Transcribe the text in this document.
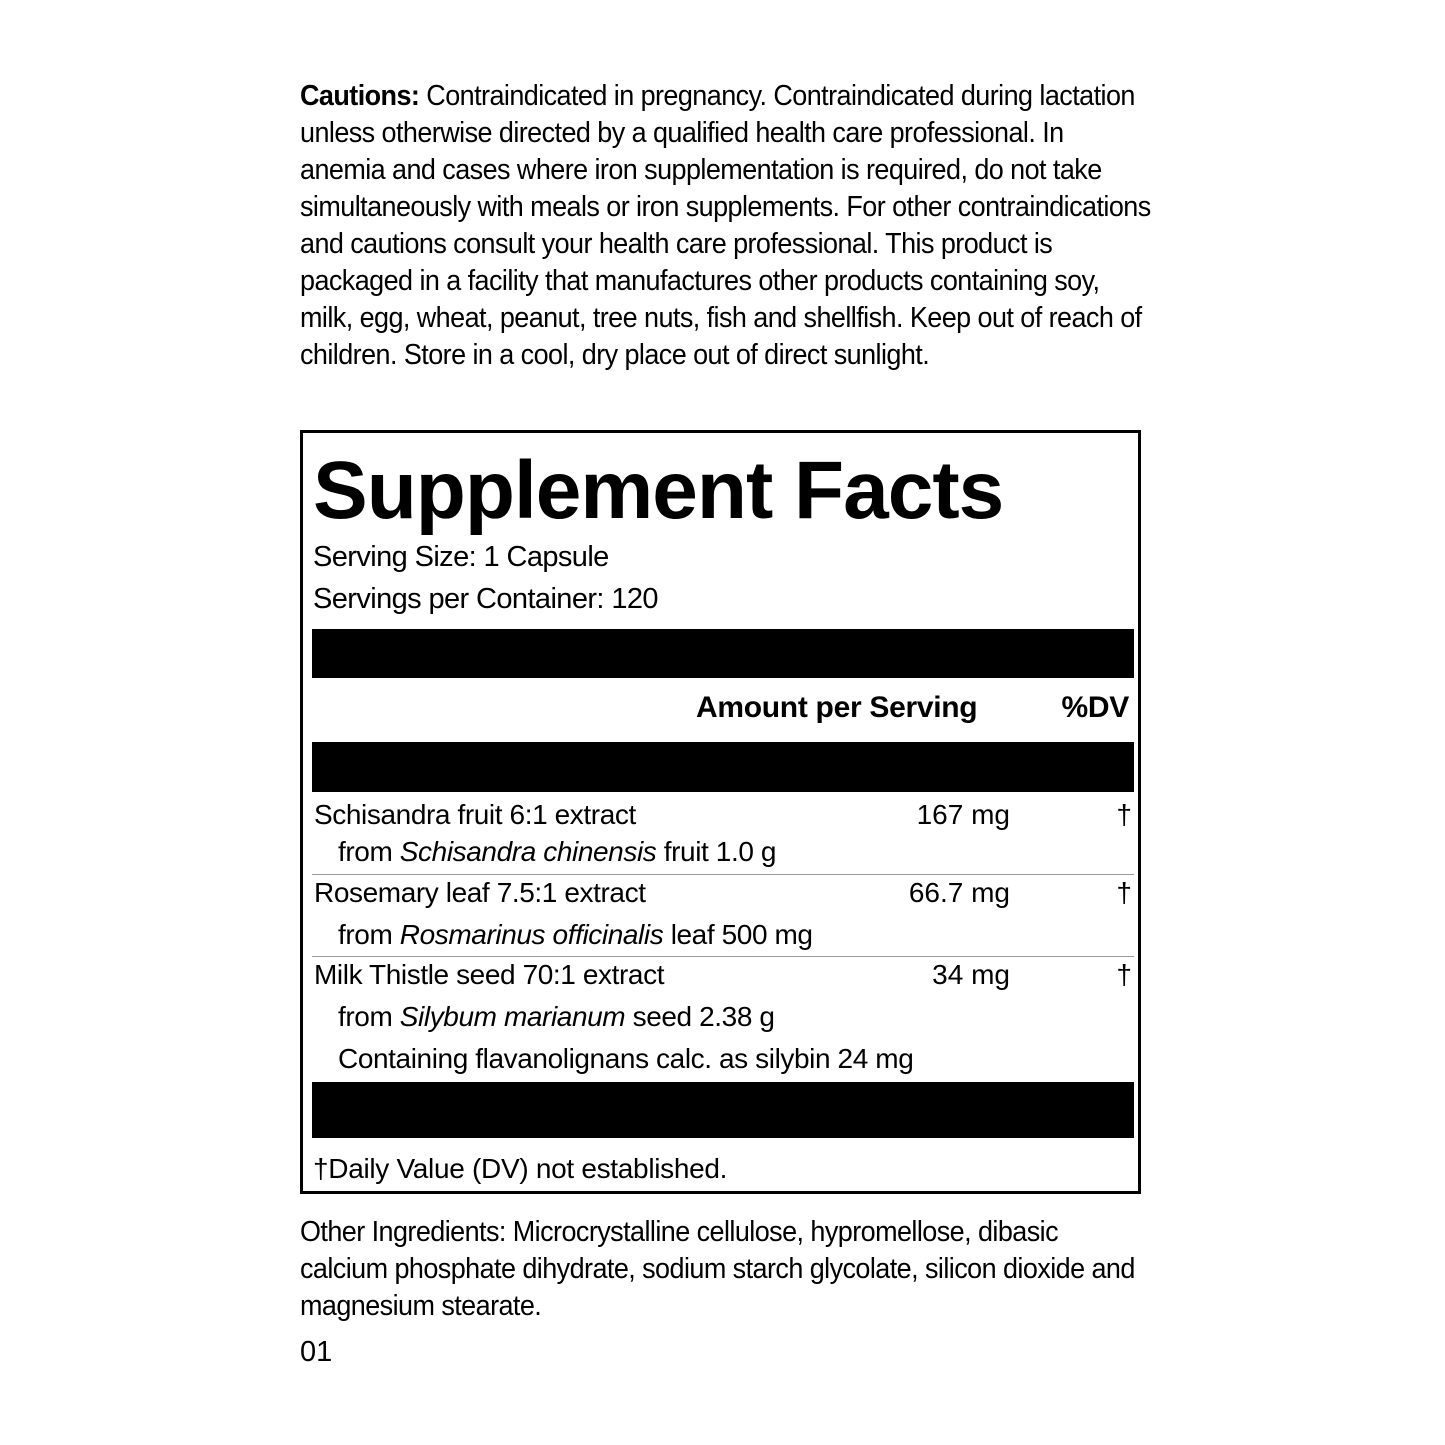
Cautions: Contraindicated in pregnancy. Contraindicated during lactation unless otherwise directed by a qualified health care professional. In anemia and cases where iron supplementation is required, do not take simultaneously with meals or iron supplements. For other contraindications and cautions consult your health care professional. This product is packaged in a facility that manufactures other products containing soy, milk, egg, wheat, peanut, tree nuts, fish and shellfish. Keep out of reach of children. Store in a cool, dry place out of direct sunlight.
Supplement Facts
Serving Size: 1 Capsule
Servings per Container: 120
Amount per Serving	%DV
Schisandra fruit 6:1 extract	167 mg	†
from Schisandra chinensis fruit 1.0 g
Rosemary leaf 7.5:1 extract	66.7 mg	†
from Rosmarinus officinalis leaf 500 mg
Milk Thistle seed 70:1 extract	34 mg	†
from Silybum marianum seed 2.38 g
Containing flavanolignans calc. as silybin 24 mg
†Daily Value (DV) not established.
Other Ingredients: Microcrystalline cellulose, hypromellose, dibasic calcium phosphate dihydrate, sodium starch glycolate, silicon dioxide and magnesium stearate.
01
